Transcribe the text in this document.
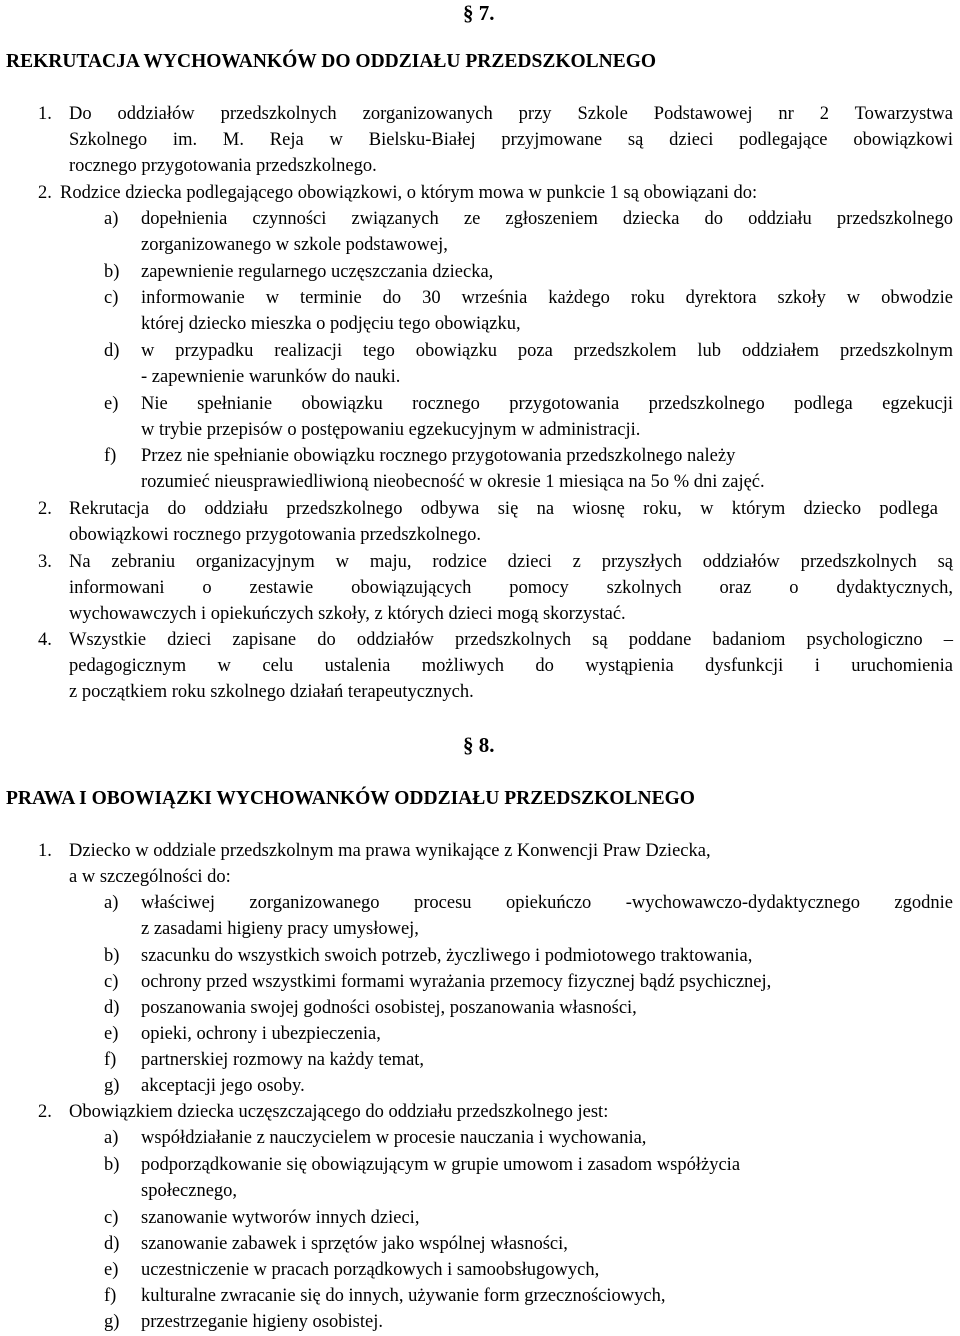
§ 7.
REKRUTACJA WYCHOWANKÓW DO ODDZIAŁU PRZEDSZKOLNEGO
1. Do oddziałów przedszkolnych zorganizowanych przy Szkole Podstawowej nr 2 Towarzystwa
Szkolnego im. M. Reja w Bielsku-Białej przyjmowane są dzieci podlegające obowiązkowi
rocznego przygotowania przedszkolnego.
2. Rodzice dziecka podlegającego obowiązkowi, o którym mowa w punkcie 1 są obowiązani do:
a) dopełnienia czynności związanych ze zgłoszeniem dziecka do oddziału przedszkolnego
zorganizowanego w szkole podstawowej,
b) zapewnienie regularnego uczęszczania dziecka,
c) informowanie w terminie do 30 września każdego roku dyrektora szkoły w obwodzie
której dziecko mieszka o podjęciu tego obowiązku,
d) w przypadku realizacji tego obowiązku poza przedszkolem lub oddziałem przedszkolnym
- zapewnienie warunków do nauki.
e) Nie spełnianie obowiązku rocznego przygotowania przedszkolnego podlega egzekucji
w trybie przepisów o postępowaniu egzekucyjnym w administracji.
f) Przez nie spełnianie obowiązku rocznego przygotowania przedszkolnego należy
rozumieć nieusprawiedliwioną nieobecność w okresie 1 miesiąca na 5o % dni zajęć.
2. Rekrutacja do oddziału przedszkolnego odbywa się na wiosnę roku, w którym dziecko podlega
obowiązkowi rocznego przygotowania przedszkolnego.
3. Na zebraniu organizacyjnym w maju, rodzice dzieci z przyszłych oddziałów przedszkolnych są
informowani o zestawie obowiązujących pomocy szkolnych oraz o dydaktycznych,
wychowawczych i opiekuńczych szkoły, z których dzieci mogą skorzystać.
4. Wszystkie dzieci zapisane do oddziałów przedszkolnych są poddane badaniom psychologiczno –
pedagogicznym w celu ustalenia możliwych do wystąpienia dysfunkcji i uruchomienia
z początkiem roku szkolnego działań terapeutycznych.
§ 8.
PRAWA I OBOWIĄZKI WYCHOWANKÓW ODDZIAŁU PRZEDSZKOLNEGO
1. Dziecko w oddziale przedszkolnym ma prawa wynikające z Konwencji Praw Dziecka,
a w szczególności do:
a) właściwej zorganizowanego procesu opiekuńczo -wychowawczo-dydaktycznego zgodnie
z zasadami higieny pracy umysłowej,
b) szacunku do wszystkich swoich potrzeb, życzliwego i podmiotowego traktowania,
c) ochrony przed wszystkimi formami wyrażania przemocy fizycznej bądź psychicznej,
d) poszanowania swojej godności osobistej, poszanowania własności,
e) opieki, ochrony i ubezpieczenia,
f) partnerskiej rozmowy na każdy temat,
g) akceptacji jego osoby.
2. Obowiązkiem dziecka uczęszczającego do oddziału przedszkolnego jest:
a) współdziałanie z nauczycielem w procesie nauczania i wychowania,
b) podporządkowanie się obowiązującym w grupie umowom i zasadom współżycia
społecznego,
c) szanowanie wytworów innych dzieci,
d) szanowanie zabawek i sprzętów jako wspólnej własności,
e) uczestniczenie w pracach porządkowych i samoobsługowych,
f) kulturalne zwracanie się do innych, używanie form grzecznościowych,
g) przestrzeganie higieny osobistej.
